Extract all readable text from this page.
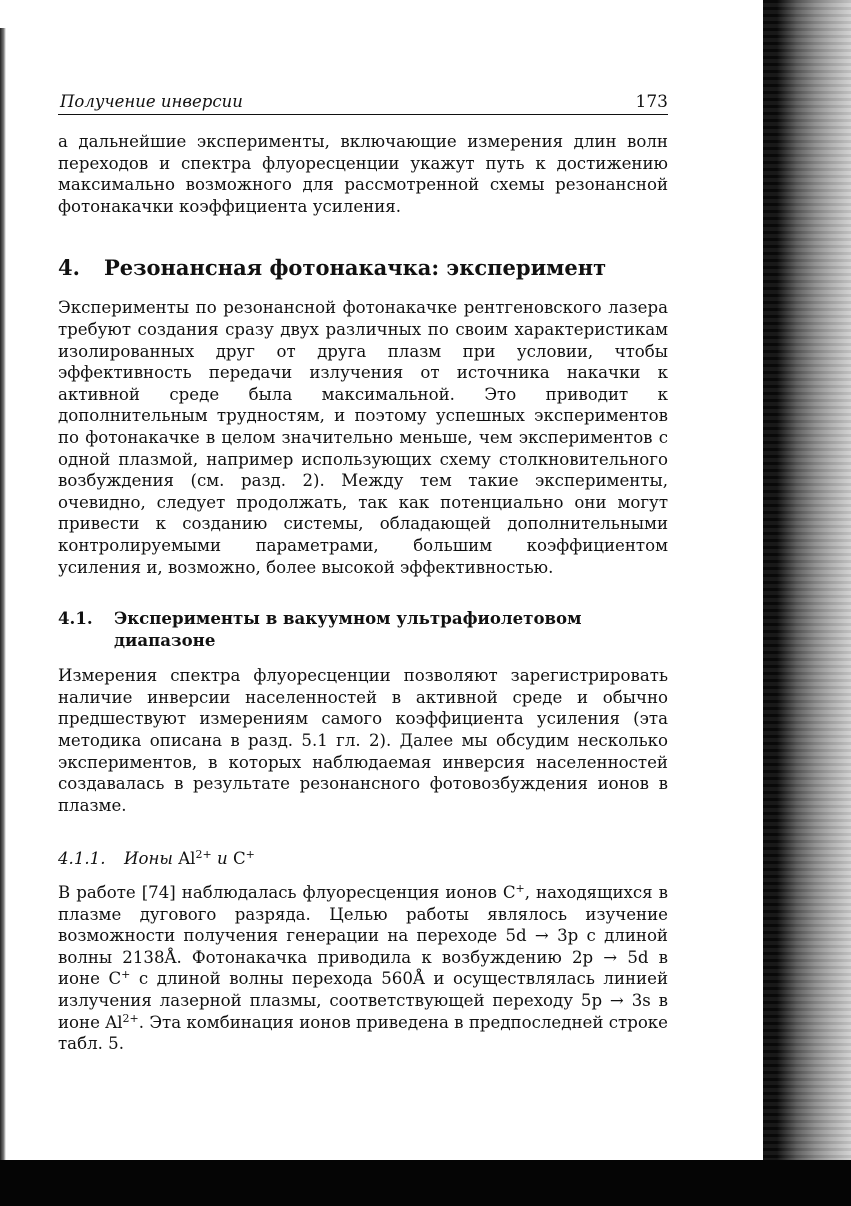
Получение инверсии	173

а дальнейшие эксперименты, включающие измерения длин волн переходов и спектра флуоресценции укажут путь к достижению максимально возможного для рассмотренной схемы резонансной фотонакачки коэффициента усиления.

4. Резонансная фотонакачка: эксперимент

Эксперименты по резонансной фотонакачке рентгеновского лазера требуют создания сразу двух различных по своим характеристикам изолированных друг от друга плазм при условии, чтобы эффективность передачи излучения от источника накачки к активной среде была максимальной. Это приводит к дополнительным трудностям, и поэтому успешных экспериментов по фотонакачке в целом значительно меньше, чем экспериментов с одной плазмой, например использующих схему столкновительного возбуждения (см. разд. 2). Между тем такие эксперименты, очевидно, следует продолжать, так как потенциально они могут привести к созданию системы, обладающей дополнительными контролируемыми параметрами, большим коэффициентом усиления и, возможно, более высокой эффективностью.

4.1.	Эксперименты в вакуумном ультрафиолетовом диапазоне

Измерения спектра флуоресценции позволяют зарегистрировать наличие инверсии населенностей в активной среде и обычно предшествуют измерениям самого коэффициента усиления (эта методика описана в разд. 5.1 гл. 2). Далее мы обсудим несколько экспериментов, в которых наблюдаемая инверсия населенностей создавалась в результате резонансного фотовозбуждения ионов в плазме.

4.1.1. Ионы $Al^{2+}$ и C+

В работе [74] наблюдалась флуоресценция ионов C+, находящихся в плазме дугового разряда. Целью работы являлось изучение возможности получения генерации на переходе 5d → 3p с длиной волны 2138Å. Фотонакачка приводила к возбуждению 2p → 5d в ионе C+ с длиной волны перехода 560Å и осуществлялась линией излучения лазерной плазмы, соответствующей переходу 5p → 3s в ионе $Al^{2+}$. Эта комбинация ионов приведена в предпоследней строке табл. 5.
